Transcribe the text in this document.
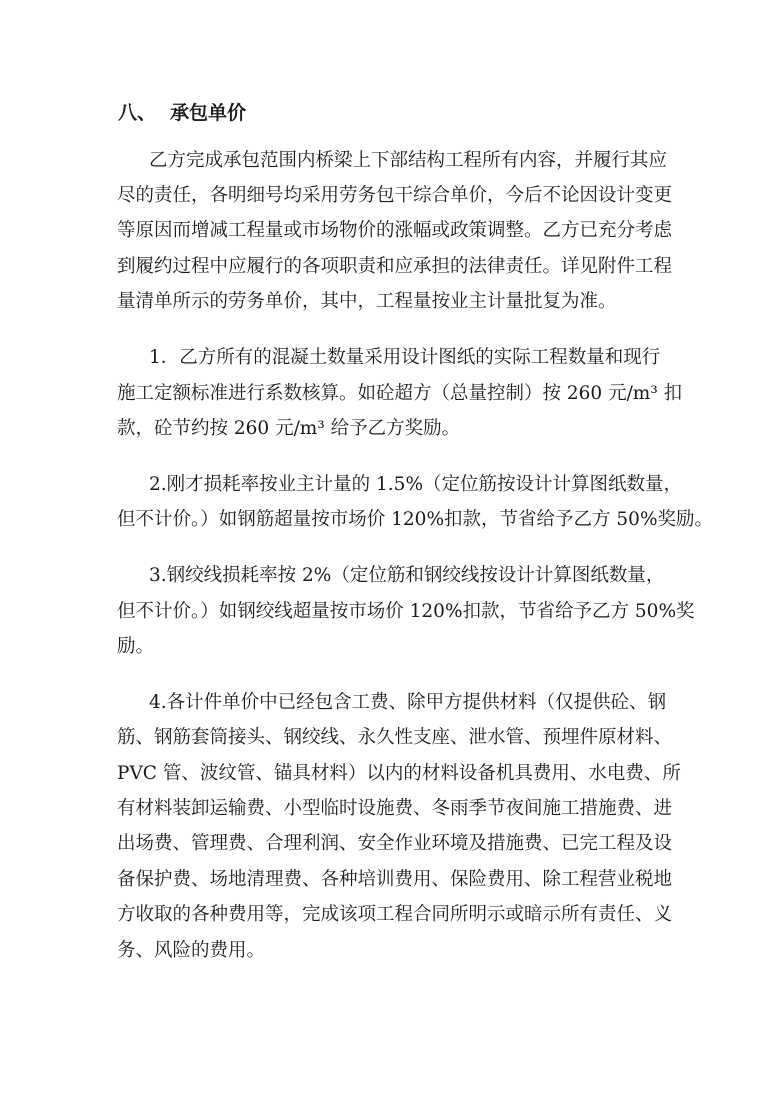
八、 承包单价
乙方完成承包范围内桥梁上下部结构工程所有内容，并履行其应
尽的责任，各明细号均采用劳务包干综合单价，今后不论因设计变更
等原因而增减工程量或市场物价的涨幅或政策调整。乙方已充分考虑
到履约过程中应履行的各项职责和应承担的法律责任。详见附件工程
量清单所示的劳务单价，其中，工程量按业主计量批复为准。
1．乙方所有的混凝土数量采用设计图纸的实际工程数量和现行
施工定额标准进行系数核算。如砼超方（总量控制）按 260 元/m³ 扣
款，砼节约按 260 元/m³ 给予乙方奖励。
2.刚才损耗率按业主计量的 1.5%（定位筋按设计计算图纸数量，
但不计价。）如钢筋超量按市场价 120%扣款，节省给予乙方 50%奖励。
3.钢绞线损耗率按 2%（定位筋和钢绞线按设计计算图纸数量，
但不计价。）如钢绞线超量按市场价 120%扣款，节省给予乙方 50%奖
励。
4.各计件单价中已经包含工费、除甲方提供材料（仅提供砼、钢
筋、钢筋套筒接头、钢绞线、永久性支座、泄水管、预埋件原材料、
PVC 管、波纹管、锚具材料）以内的材料设备机具费用、水电费、所
有材料装卸运输费、小型临时设施费、冬雨季节夜间施工措施费、进
出场费、管理费、合理利润、安全作业环境及措施费、已完工程及设
备保护费、场地清理费、各种培训费用、保险费用、除工程营业税地
方收取的各种费用等，完成该项工程合同所明示或暗示所有责任、义
务、风险的费用。
